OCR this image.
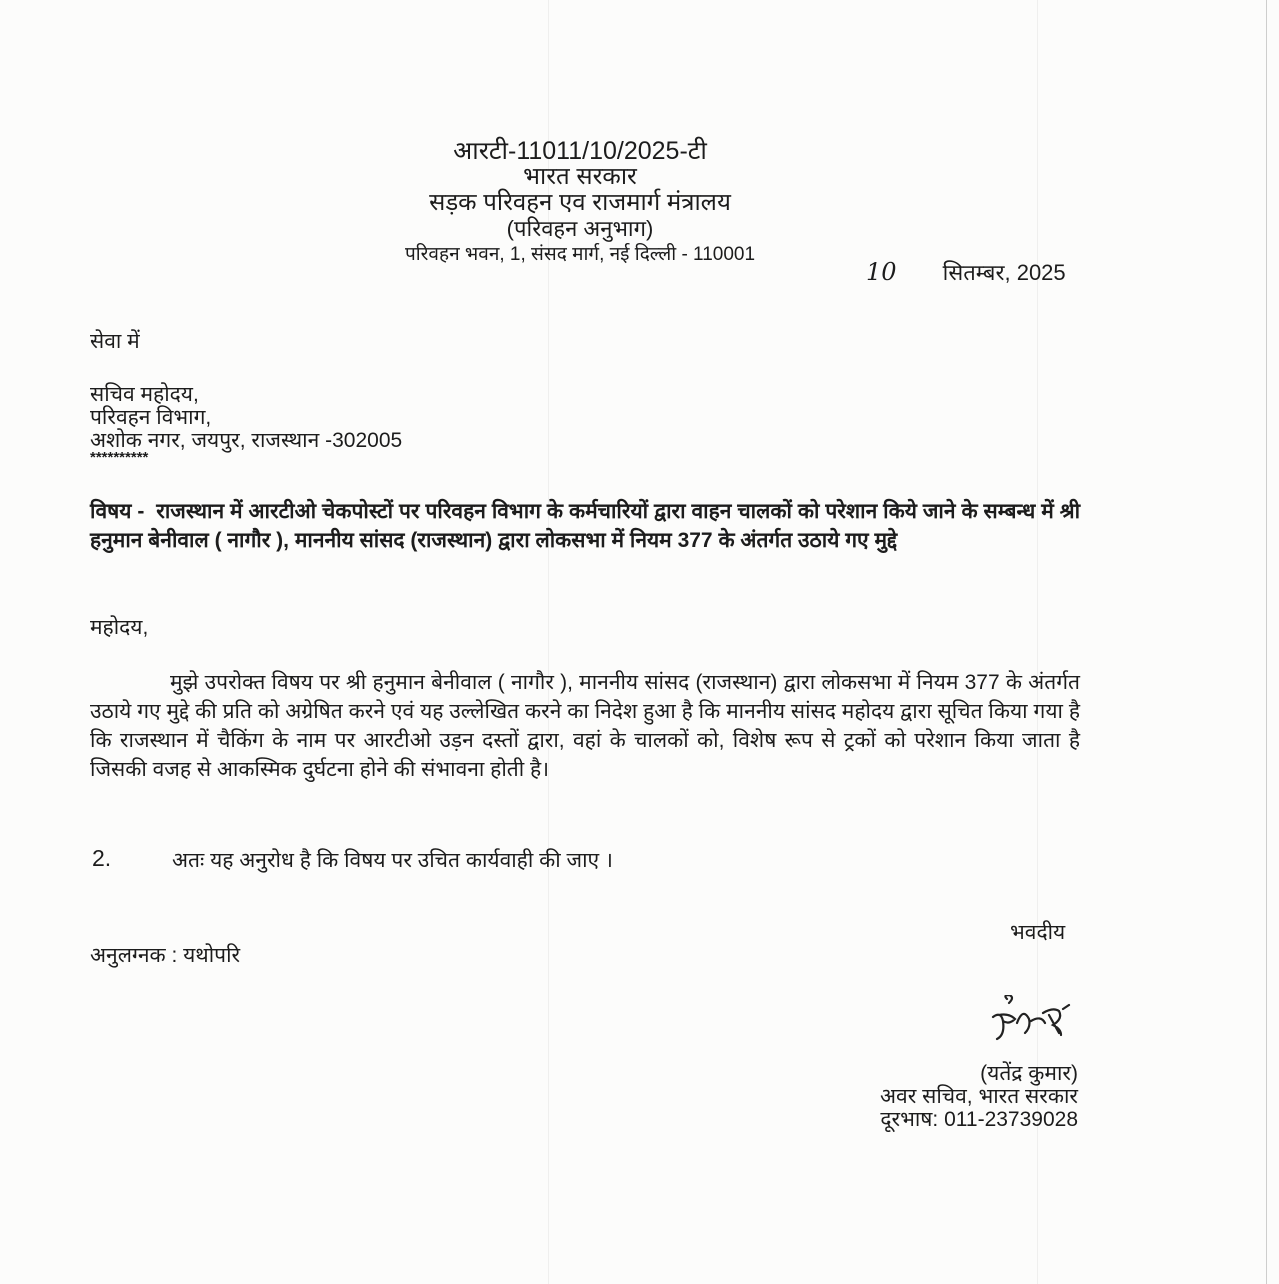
आरटी-11011/10/2025-टी
भारत सरकार
सड़क परिवहन एव राजमार्ग मंत्रालय
(परिवहन अनुभाग)
परिवहन भवन, 1, संसद मार्ग, नई दिल्ली - 110001
10 सितम्बर, 2025
सेवा में
सचिव महोदय,
परिवहन विभाग,
अशोक नगर, जयपुर, राजस्थान -302005
**********
विषय - राजस्थान में आरटीओ चेकपोस्टों पर परिवहन विभाग के कर्मचारियों द्वारा वाहन चालकों को परेशान किये जाने के सम्बन्ध में श्री हनुमान बेनीवाल ( नागौर ), माननीय सांसद (राजस्थान) द्वारा लोकसभा में नियम 377 के अंतर्गत उठाये गए मुद्दे
महोदय,
मुझे उपरोक्त विषय पर श्री हनुमान बेनीवाल ( नागौर ), माननीय सांसद (राजस्थान) द्वारा लोकसभा में नियम 377 के अंतर्गत उठाये गए मुद्दे की प्रति को अग्रेषित करने एवं यह उल्लेखित करने का निदेश हुआ है कि माननीय सांसद महोदय द्वारा सूचित किया गया है कि राजस्थान में चैकिंग के नाम पर आरटीओ उड़न दस्तों द्वारा, वहां के चालकों को, विशेष रूप से ट्रकों को परेशान किया जाता है जिसकी वजह से आकस्मिक दुर्घटना होने की संभावना होती है।
2.	अतः यह अनुरोध है कि विषय पर उचित कार्यवाही की जाए ।
भवदीय
अनुलग्नक : यथोपरि
(यतेंद्र कुमार)
अवर सचिव, भारत सरकार
दूरभाष: 011-23739028
